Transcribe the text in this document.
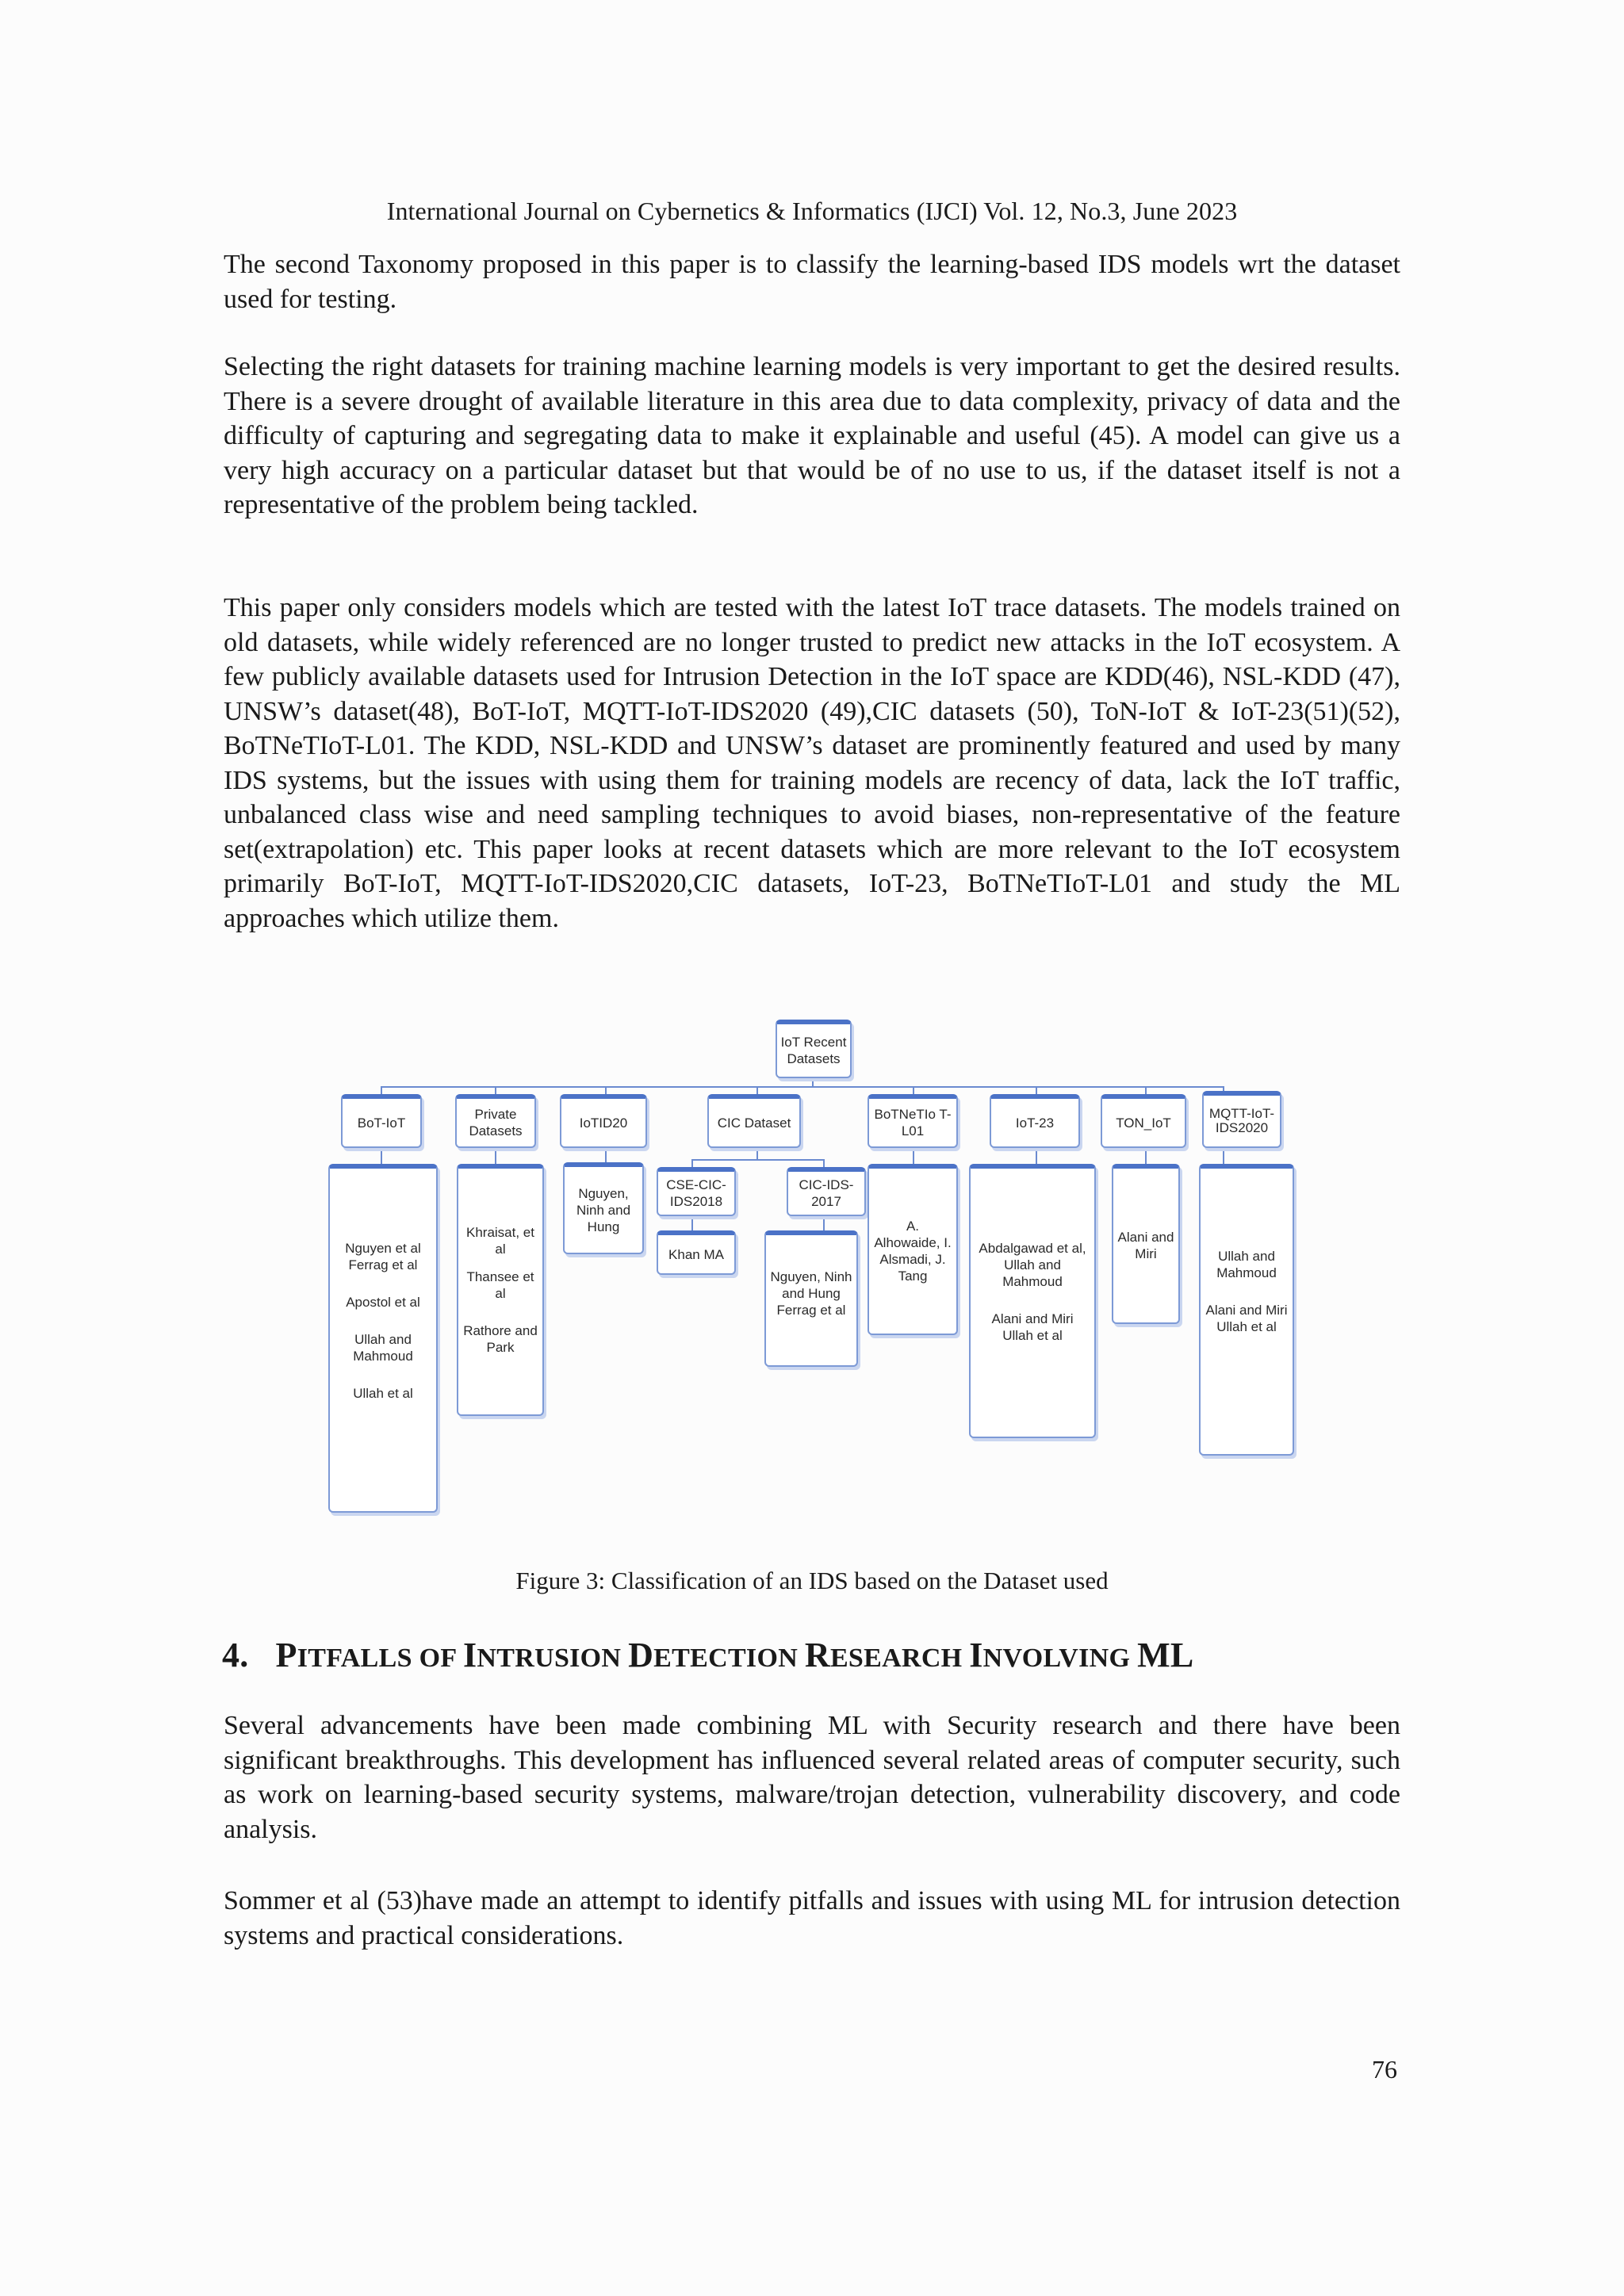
International Journal on Cybernetics & Informatics (IJCI) Vol. 12, No.3, June 2023
The second Taxonomy proposed in this paper is to classify the learning-based IDS models wrt the dataset used for testing.
Selecting the right datasets for training machine learning models is very important to get the desired results. There is a severe drought of available literature in this area due to data complexity, privacy of data and the difficulty of capturing and segregating data to make it explainable and useful (45). A model can give us a very high accuracy on a particular dataset but that would be of no use to us, if the dataset itself is not a representative of the problem being tackled.
This paper only considers models which are tested with the latest IoT trace datasets. The models trained on old datasets, while widely referenced are no longer trusted to predict new attacks in the IoT ecosystem. A few publicly available datasets used for Intrusion Detection in the IoT space are KDD(46), NSL-KDD (47), UNSW’s dataset(48), BoT-IoT, MQTT-IoT-IDS2020 (49),CIC datasets (50), ToN-IoT & IoT-23(51)(52), BoTNeTIoT-L01. The KDD, NSL-KDD and UNSW’s dataset are prominently featured and used by many IDS systems, but the issues with using them for training models are recency of data, lack the IoT traffic, unbalanced class wise and need sampling techniques to avoid biases, non-representative of the feature set(extrapolation) etc. This paper looks at recent datasets which are more relevant to the IoT ecosystem primarily BoT-IoT, MQTT-IoT-IDS2020,CIC datasets, IoT-23, BoTNeTIoT-L01 and study the ML approaches which utilize them.
IoT Recent Datasets
BoT-IoT
Private Datasets
IoTID20	CIC Dataset
BoTNeTIo T-L01
IoT-23	TON_IoT
MQTT-IoT-IDS2020
CSE-CIC-IDS2018
CIC-IDS-2017
Nguyen et al
Ferrag et al
Apostol et al
Ullah and Mahmoud
Ullah et al
Khraisat, et al
Thansee et al
Rathore and Park
Nguyen, Ninh and Hung
Khan MA
Nguyen, Ninh and Hung
Ferrag et al
A. Alhowaide, I. Alsmadi, J. Tang
Abdalgawad et al, Ullah and Mahmoud
Alani and Miri
Ullah et al
Alani and Miri	Ullah and Mahmoud
Alani and Miri
Ullah et al
Figure 3: Classification of an IDS based on the Dataset used
4. PITFALLS OF INTRUSION DETECTION RESEARCH INVOLVING ML
Several advancements have been made combining ML with Security research and there have been significant breakthroughs. This development has influenced several related areas of computer security, such as work on learning-based security systems, malware/trojan detection, vulnerability discovery, and code analysis.
Sommer et al (53)have made an attempt to identify pitfalls and issues with using ML for intrusion detection systems and practical considerations.
76
